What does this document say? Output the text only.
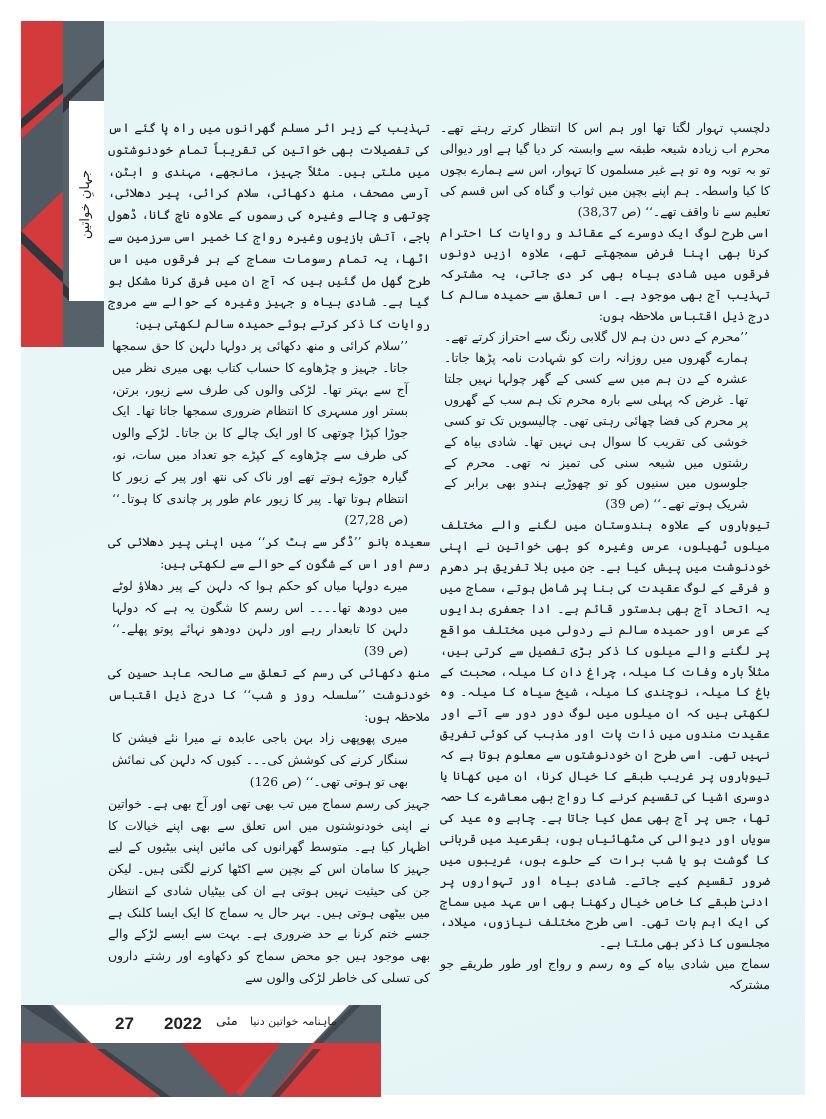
جہانِ خواتین

دلچسپ تہوار لگتا تھا اور ہم اس کا انتظار کرتے رہتے تھے۔ محرم اب زیادہ شیعہ طبقہ سے وابستہ کر دیا گیا ہے اور دیوالی تو بہ توبہ وہ تو ہے غیر مسلموں کا تہوار، اس سے ہمارے بچوں کا کیا واسطہ۔ ہم اپنے بچپن میں ثواب و گناہ کی اس قسم کی تعلیم سے نا واقف تھے۔‘‘ (ص 38,37)

اسی طرح لوگ ایک دوسرے کے عقائد و روایات کا احترام کرنا بھی اپنا فرض سمجھتے تھے، علاوہ ازیں دونوں فرقوں میں شادی بیاہ بھی کر دی جاتی، یہ مشترکہ تہذیب آج بھی موجود ہے۔ اس تعلق سے حمیدہ سالم کا درج ذیل اقتباس ملاحظہ ہوں:

’’محرم کے دس دن ہم لال گلابی رنگ سے احتراز کرتے تھے۔ ہمارے گھروں میں روزانہ رات کو شہادت نامہ پڑھا جاتا۔ عشرہ کے دن ہم میں سے کسی کے گھر چولہا نہیں جلتا تھا۔ غرض کہ پہلی سے بارہ محرم تک ہم سب کے گھروں پر محرم کی فضا چھائی رہتی تھی۔ چالیسویں تک تو کسی خوشی کی تقریب کا سوال ہی نہیں تھا۔ شادی بیاہ کے رشتوں میں شیعہ سنی کی تمیز نہ تھی۔ محرم کے جلوسوں میں سنیوں کو تو چھوڑیے ہندو بھی برابر کے شریک ہوتے تھے۔‘‘ (ص 39)

تیوہاروں کے علاوہ ہندوستان میں لگنے والے مختلف میلوں ٹھیلوں، عرس وغیرہ کو بھی خواتین نے اپنی خودنوشت میں پیش کیا ہے۔ جن میں بلا تفریق ہر دھرم و فرقے کے لوگ عقیدت کی بنا پر شامل ہوتے، سماج میں یہ اتحاد آج بھی بدستور قائم ہے۔ ادا جعفری بدایوں کے عرس اور حمیدہ سالم نے ردولی میں مختلف مواقع پر لگنے والے میلوں کا ذکر بڑی تفصیل سے کرتی ہیں، مثلاً بارہ وفات کا میلہ، چراغ دان کا میلہ، صحبت کے باغ کا میلہ، نوچندی کا میلہ، شیخ سیاہ کا میلہ۔ وہ لکھتی ہیں کہ ان میلوں میں لوگ دور دور سے آتے اور عقیدت مندوں میں ذات پات اور مذہب کی کوئی تفریق نہیں تھی۔ اسی طرح ان خودنوشتوں سے معلوم ہوتا ہے کہ تیوہاروں پر غریب طبقے کا خیال کرنا، ان میں کھانا یا دوسری اشیا کی تقسیم کرنے کا رواج بھی معاشرے کا حصہ تھا، جس پر آج بھی عمل کیا جاتا ہے۔ چاہے وہ عید کی سویاں اور دیوالی کی مٹھائیاں ہوں، بقرعید میں قربانی کا گوشت ہو یا شب برات کے حلوے ہوں، غریبوں میں ضرور تقسیم کیے جاتے۔ شادی بیاہ اور تہواروں پر ادنیٰ طبقے کا خاص خیال رکھنا بھی اس عہد میں سماج کی ایک اہم بات تھی۔ اسی طرح مختلف نیازوں، میلاد، مجلسوں کا ذکر بھی ملتا ہے۔

سماج میں شادی بیاہ کے وہ رسم و رواج اور طور طریقے جو مشترکہ

تہذیب کے زیر اثر مسلم گھرانوں میں راہ پا گئے اس کی تفصیلات بھی خواتین کی تقریباً تمام خودنوشتوں میں ملتی ہیں۔ مثلاً جہیز، مانجھے، مہندی و ابٹن، آرسی مصحف، منھ دکھائی، سلام کرائی، پیر دھلائی، چوتھی و چالے وغیرہ کی رسموں کے علاوہ ناچ گانا، ڈھول باجے، آتش بازیوں وغیرہ رواج کا خمیر اسی سرزمین سے اٹھا، یہ تمام رسومات سماج کے ہر فرقوں میں اس طرح گھل مل گئیں ہیں کہ آج ان میں فرق کرنا مشکل ہو گیا ہے۔ شادی بیاہ و جہیز وغیرہ کے حوالے سے مروج روایات کا ذکر کرتے ہوئے حمیدہ سالم لکھتی ہیں:

’’سلام کرائی و منھ دکھائی پر دولہا دلہن کا حق سمجھا جاتا۔ جہیز و چڑھاوے کا حساب کتاب بھی میری نظر میں آج سے بہتر تھا۔ لڑکی والوں کی طرف سے زیور، برتن، بستر اور مسہری کا انتظام ضروری سمجھا جاتا تھا۔ ایک جوڑا کپڑا چوتھی کا اور ایک چالے کا بن جاتا۔ لڑکے والوں کی طرف سے چڑھاوے کے کپڑے جو تعداد میں سات، نو، گیارہ جوڑے ہوتے تھے اور ناک کی نتھ اور پیر کے زیور کا انتظام ہوتا تھا۔ پیر کا زیور عام طور پر چاندی کا ہوتا۔‘‘ (ص 27,28)

سعیدہ بانو ’’ڈگر سے ہٹ کر‘‘ میں اپنی پیر دھلائی کی رسم اور اس کے شگون کے حوالے سے لکھتی ہیں:

میرے دولہا میاں کو حکم ہوا کہ دلہن کے پیر دھلاؤ لوٹے میں دودھ تھا۔۔۔۔ اس رسم کا شگون یہ ہے کہ دولہا دلہن کا تابعدار رہے اور دلہن دودھو نہائے پوتو پھلے۔‘‘ (ص 39)

منھ دکھائی کی رسم کے تعلق سے صالحہ عابد حسین کی خودنوشت ’’سلسلہ روز و شب‘‘ کا درج ذیل اقتباس ملاحظہ ہوں:

میری پھوپھی زاد بہن باجی عابدہ نے میرا نئے فیشن کا سنگار کرنے کی کوشش کی۔۔۔ کیوں کہ دلہن کی نمائش بھی تو ہوتی تھی۔‘‘ (ص 126)

جہیز کی رسم سماج میں تب بھی تھی اور آج بھی ہے۔ خواتین نے اپنی خودنوشتوں میں اس تعلق سے بھی اپنے خیالات کا اظہار کیا ہے۔ متوسط گھرانوں کی مائیں اپنی بیٹیوں کے لیے جہیز کا سامان اس کے بچپن سے اکٹھا کرنے لگتی ہیں۔ لیکن جن کی حیثیت نہیں ہوتی ہے ان کی بیٹیاں شادی کے انتظار میں بیٹھی ہوتی ہیں۔ بہر حال یہ سماج کا ایک ایسا کلنک ہے جسے ختم کرنا بے حد ضروری ہے۔ بہت سے ایسے لڑکے والے بھی موجود ہیں جو محض سماج کو دکھاوے اور رشتے داروں کی تسلی کی خاطر لڑکی والوں سے

27 2022 مئی ماہنامہ خواتین دنیا
